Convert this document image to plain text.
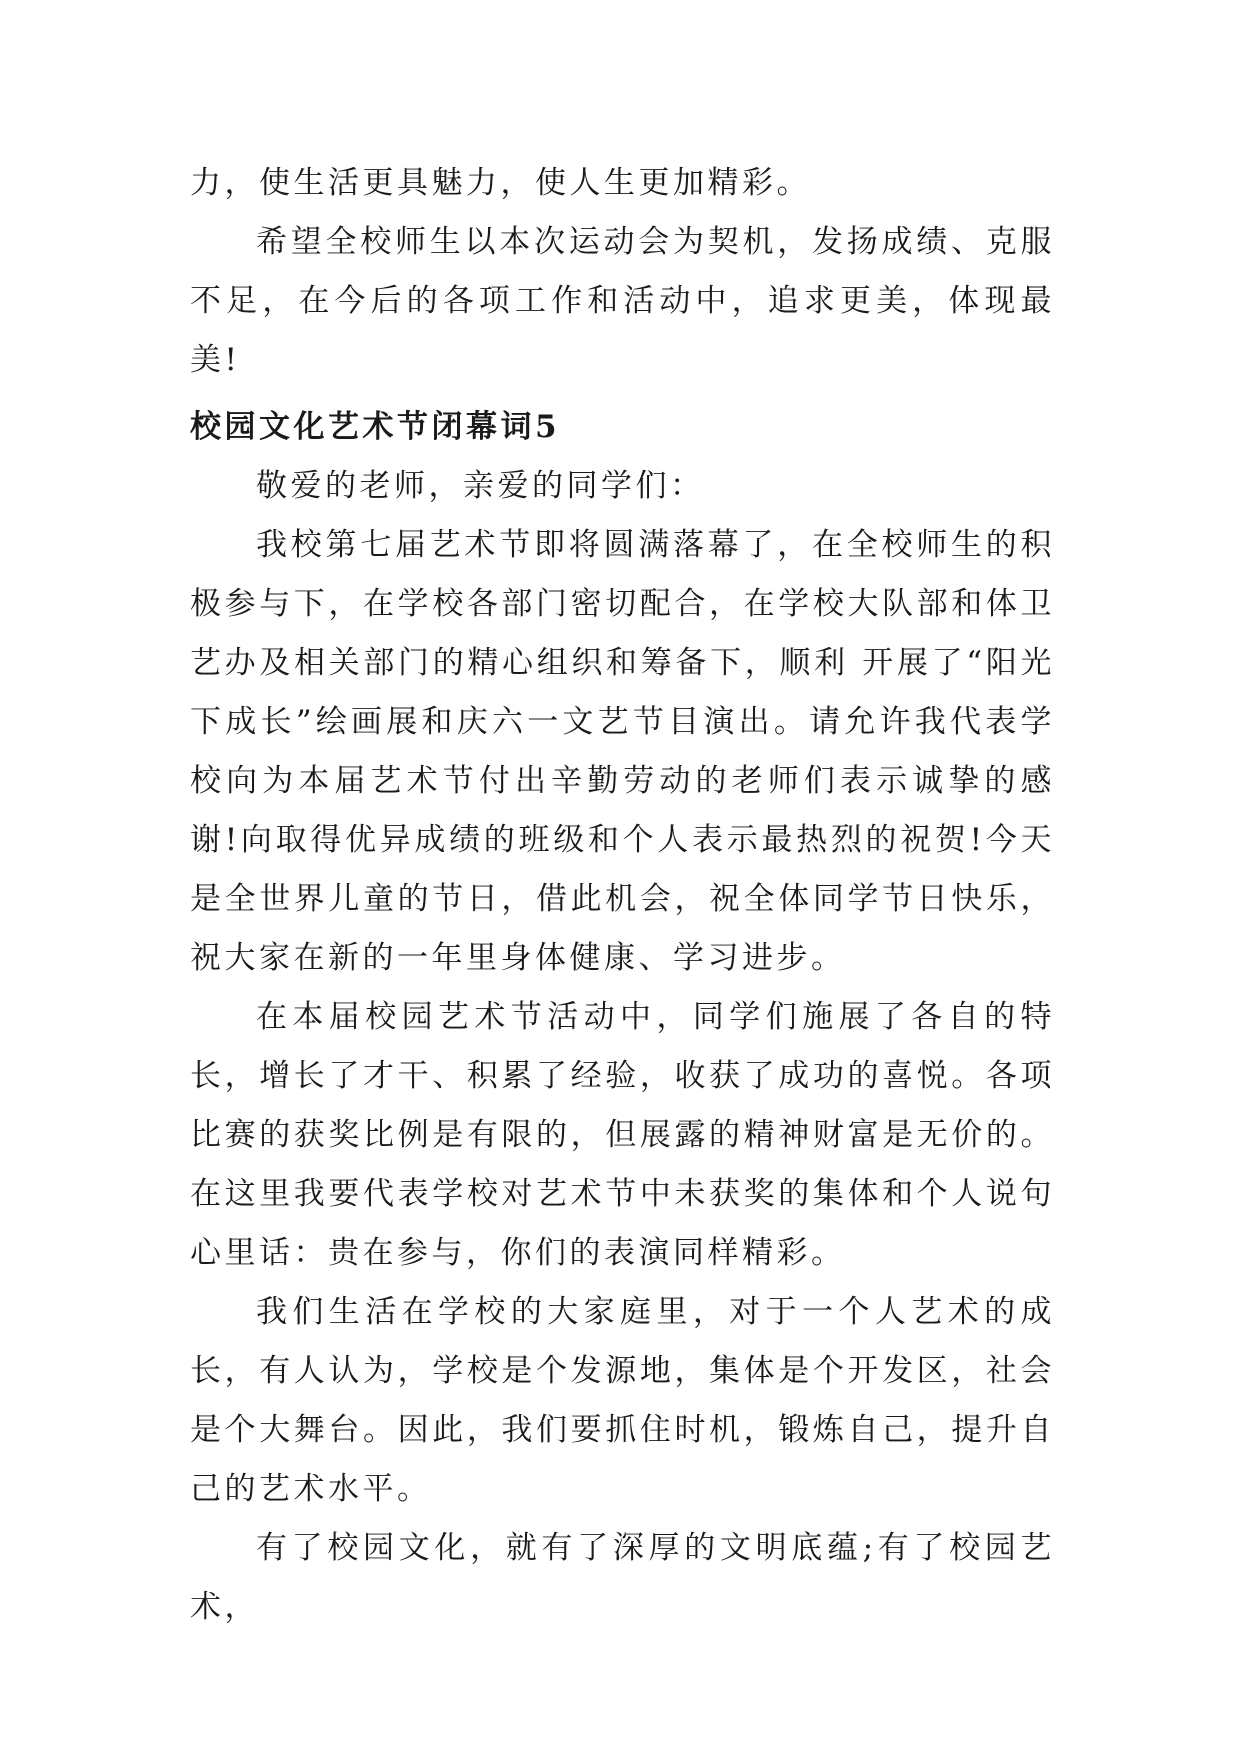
力，使生活更具魅力，使人生更加精彩。

希望全校师生以本次运动会为契机，发扬成绩、克服不足，在今后的各项工作和活动中，追求更美，体现最美!

校园文化艺术节闭幕词5

敬爱的老师，亲爱的同学们：

我校第七届艺术节即将圆满落幕了，在全校师生的积极参与下，在学校各部门密切配合，在学校大队部和体卫艺办及相关部门的精心组织和筹备下，顺利 开展了“阳光下成长”绘画展和庆六一文艺节目演出。请允许我代表学校向为本届艺术节付出辛勤劳动的老师们表示诚挚的感谢!向取得优异成绩的班级和个人表示最热烈的祝贺!今天是全世界儿童的节日，借此机会，祝全体同学节日快乐，祝大家在新的一年里身体健康、学习进步。

在本届校园艺术节活动中，同学们施展了各自的特长，增长了才干、积累了经验，收获了成功的喜悦。各项比赛的获奖比例是有限的，但展露的精神财富是无价的。在这里我要代表学校对艺术节中未获奖的集体和个人说句心里话：贵在参与，你们的表演同样精彩。

我们生活在学校的大家庭里，对于一个人艺术的成长，有人认为，学校是个发源地，集体是个开发区，社会是个大舞台。因此，我们要抓住时机，锻炼自己，提升自己的艺术水平。

有了校园文化，就有了深厚的文明底蕴;有了校园艺术，
